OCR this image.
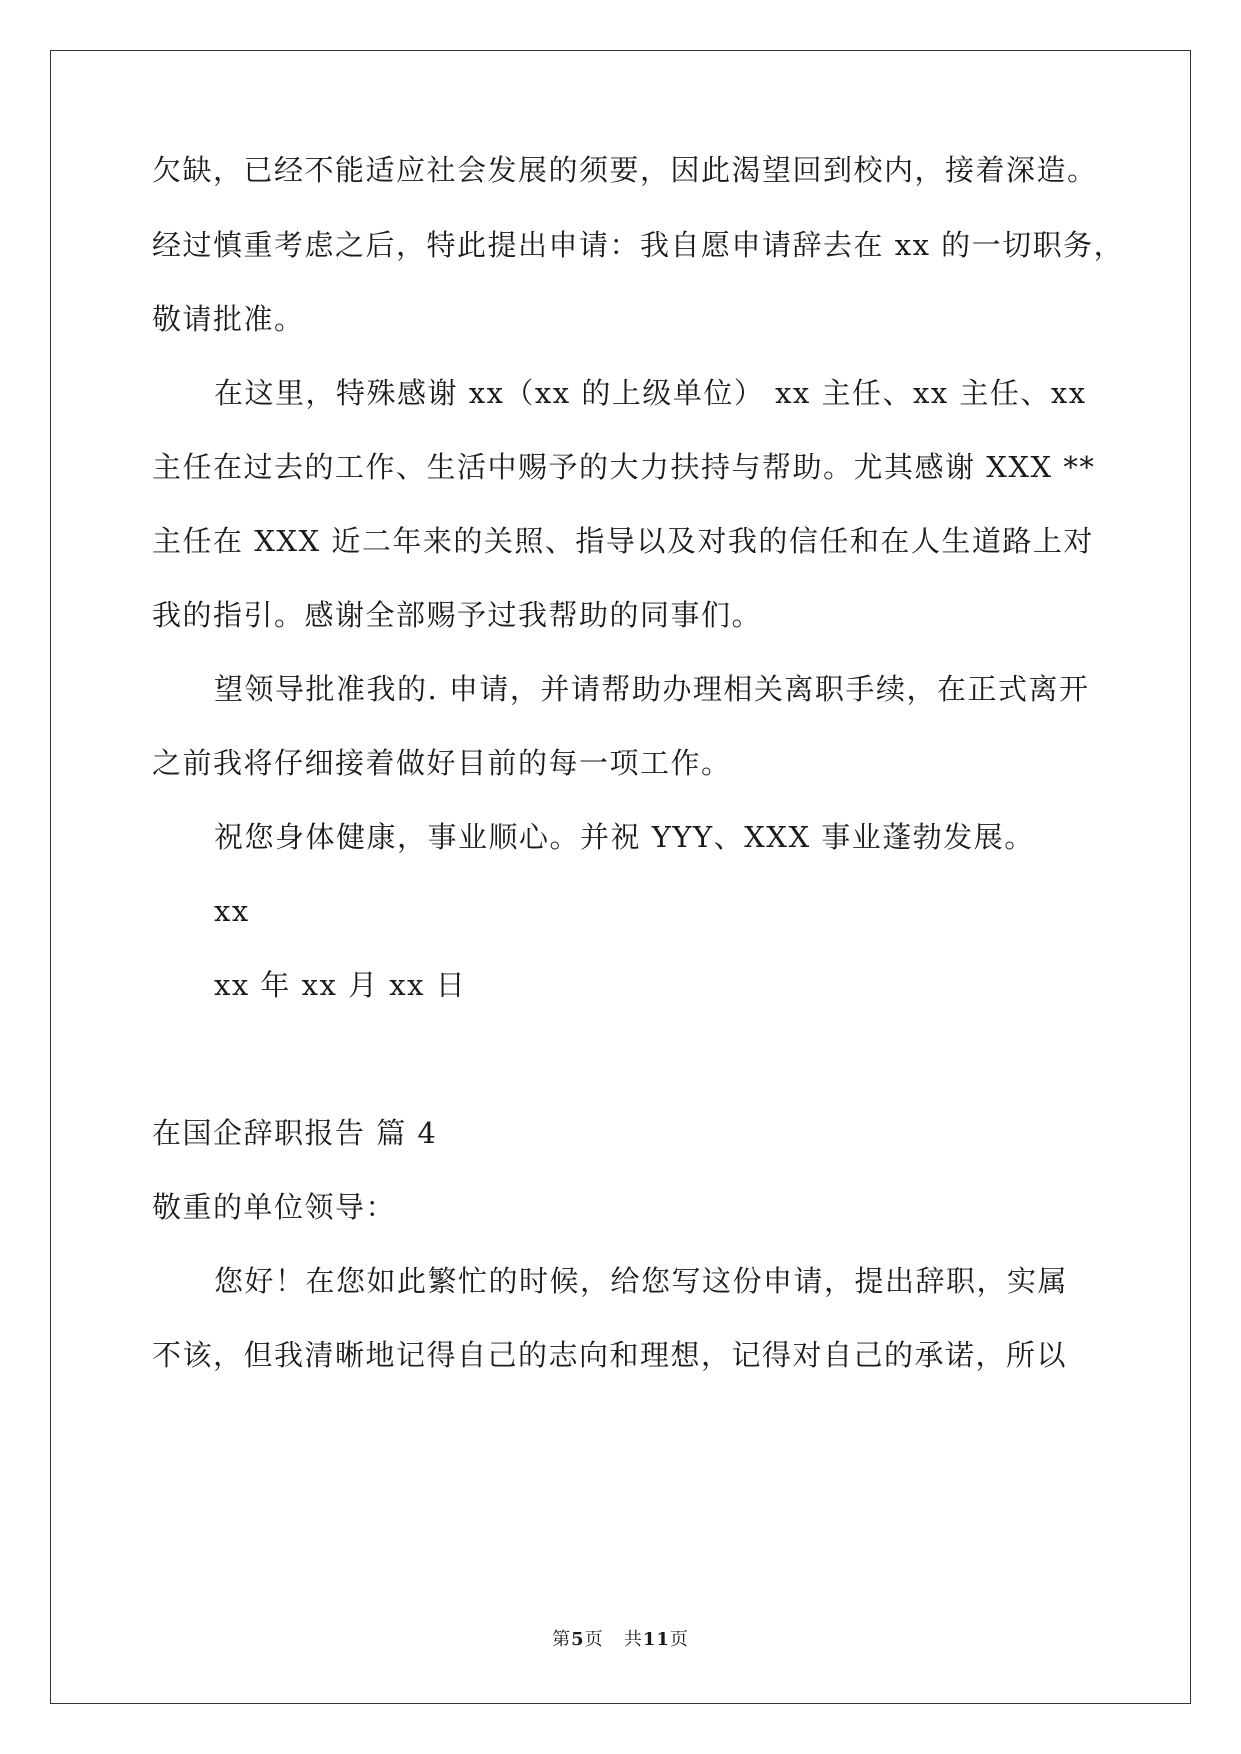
欠缺，已经不能适应社会发展的须要，因此渴望回到校内，接着深造。
经过慎重考虑之后，特此提出申请：我自愿申请辞去在 xx 的一切职务，
敬请批准。
在这里，特殊感谢 xx（xx 的上级单位） xx 主任、xx 主任、xx
主任在过去的工作、生活中赐予的大力扶持与帮助。尤其感谢 XXX **
主任在 XXX 近二年来的关照、指导以及对我的信任和在人生道路上对
我的指引。感谢全部赐予过我帮助的同事们。
望领导批准我的. 申请，并请帮助办理相关离职手续，在正式离开
之前我将仔细接着做好目前的每一项工作。
祝您身体健康，事业顺心。并祝 YYY、XXX 事业蓬勃发展。
xx
xx 年 xx 月 xx 日
在国企辞职报告 篇 4
敬重的单位领导：
您好！在您如此繁忙的时候，给您写这份申请，提出辞职，实属
不该，但我清晰地记得自己的志向和理想，记得对自己的承诺，所以
第5页 共11页
